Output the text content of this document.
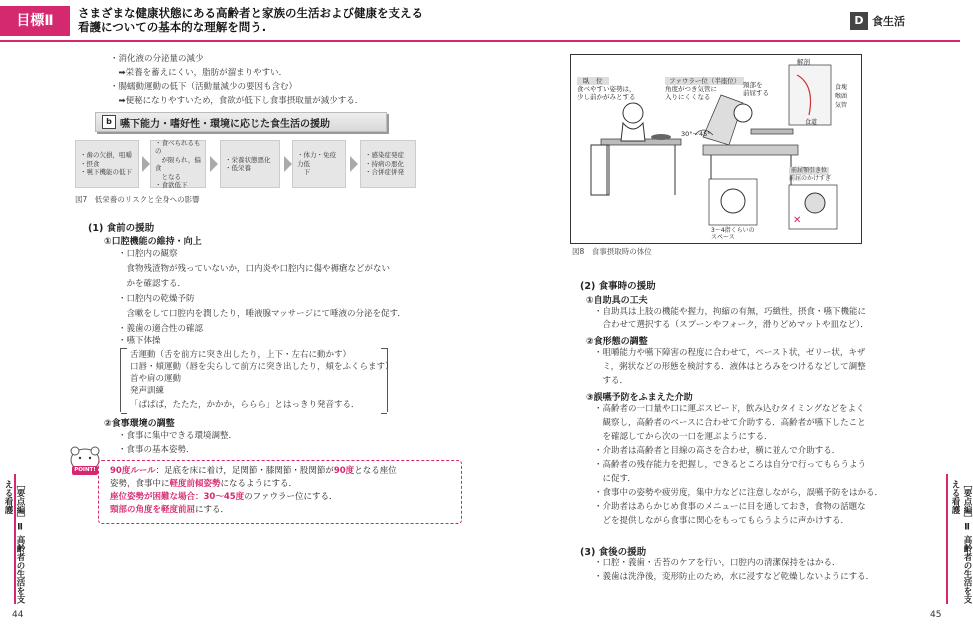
目標Ⅱ	さまざまな健康状態にある高齢者と家族の生活および健康を支える
看護についての基本的な理解を問う.	D 食生活
・消化液の分泌量の減少
　➡栄養を蓄えにくい，脂肪が溜まりやすい．
・腸蠕動運動の低下（活動量減少の要因も含む）
　➡便秘になりやすいため，食欲が低下し食事摂取量が減少する．
b 嚥下能力・嗜好性・環境に応じた食生活の援助
・歯の欠損，咀嚼
・摂食
・嚥下機能の低下
・食べられるもの
　が限られ，偏食
　となる
・食欲低下
・栄養状態悪化
・低栄養
・体力・免疫力低
　下
・感染症発症
・持病の悪化
・合併症併発
図7　低栄養のリスクと全身への影響
(1) 食前の援助
①口腔機能の維持・向上
・口腔内の観察
　食物残渣物が残っていないか，口内炎や口腔内に傷や褥瘡などがない
　かを確認する．
・口腔内の乾燥予防
　含嗽をして口腔内を潤したり，唾液腺マッサージにて唾液の分泌を促す．
・義歯の適合性の確認
・嚥下体操
舌運動（舌を前方に突き出したり，上下・左右に動かす）
口唇・頬運動（唇を尖らして前方に突き出したり，頬をふくらます）
首や肩の運動
発声訓練
「ぱぱぱ，たたた，かかか，ららら」とはっきり発音する．
②食事環境の調整
・食事に集中できる環境調整．
・食事の基本姿勢．
POINT! 90度ルール：足底を床に着け，足関節・膝関節・股関節が90度となる座位
姿勢，食事中に軽度前傾姿勢になるようにする．
座位姿勢が困難な場合：30～45度のファウラー位にする．
頸部の角度を軽度前屈にする．
［要点編］Ⅱ 高齢者の生活を支える看護
44
臥　位
食べやすい姿勢は，
少し前かがみとする
ファウラー位（半座位）
角度がつき気管に
入りにくくなる
頸部を
前屈する
30°～45°
解剖
食塊
喉頭
気管
食道
3～4指くらいの
スペース
前屈顎引き位
前屈のかけすぎ
✕
図8　食事摂取時の体位
(2) 食事時の援助
①自助具の工夫
・自助具は上肢の機能や握力，拘縮の有無，巧緻性，摂食・嚥下機能に
　合わせて選択する（スプーンやフォーク，滑りどめマットや皿など）．
②食形態の調整
・咀嚼能力や嚥下障害の程度に合わせて，ペースト状，ゼリー状，キザ
　ミ，粥状などの形態を検討する．液体はとろみをつけるなどして調整
　する．
③誤嚥予防をふまえた介助
・高齢者の一口量や口に運ぶスピード，飲み込むタイミングなどをよく
　観察し，高齢者のペースに合わせて介助する．高齢者が嚥下したこと
　を確認してから次の一口を運ぶようにする．
・介助者は高齢者と目線の高さを合わせ，横に並んで介助する．
・高齢者の残存能力を把握し，できるところは自分で行ってもらうよう
　に促す．
・食事中の姿勢や疲労度，集中力などに注意しながら，誤嚥予防をはかる．
・介助者はあらかじめ食事のメニューに目を通しておき，食物の話題な
　どを提供しながら食事に関心をもってもらうように声かけする．
(3) 食後の援助
・口腔・義歯・舌苔のケアを行い，口腔内の清潔保持をはかる．
・義歯は洗浄後，変形防止のため，水に浸すなど乾燥しないようにする．	［要点編］Ⅱ 高齢者の生活を支える看護
45
